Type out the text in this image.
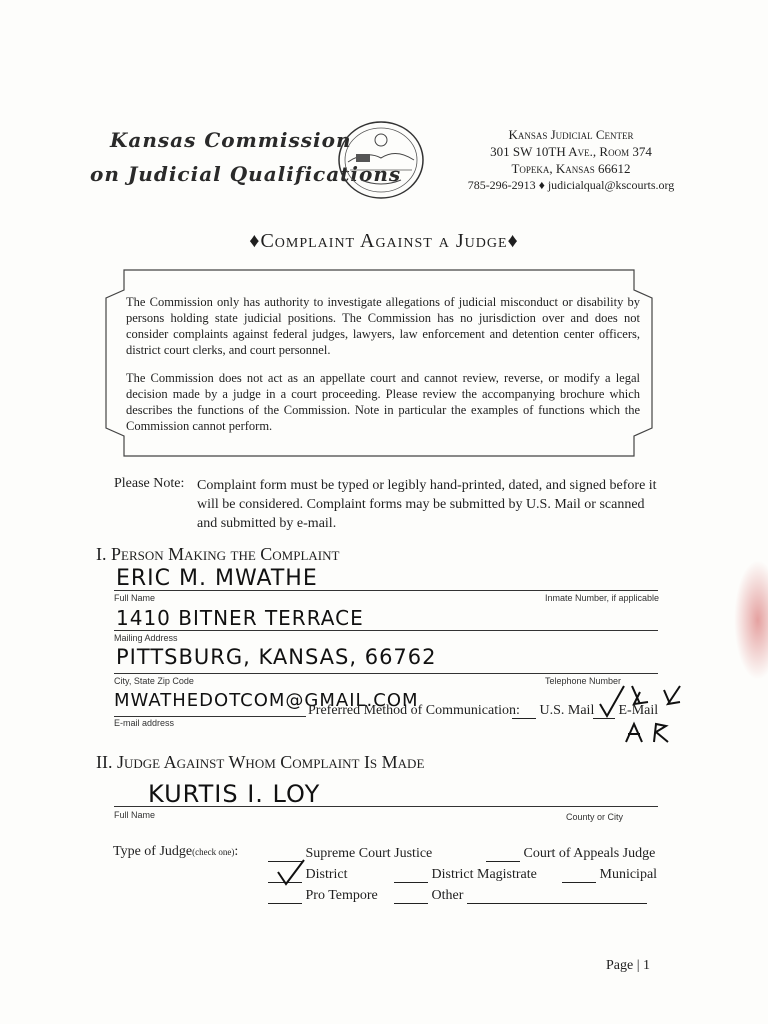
Kansas Commission
on Judicial Qualifications
Kansas Judicial Center
301 SW 10TH Ave., Room 374
Topeka, Kansas 66612
785-296-2913 ♦ judicialqual@kscourts.org
♦Complaint Against a Judge♦

The Commission only has authority to investigate allegations of judicial misconduct or disability by persons holding state judicial positions. The Commission has no jurisdiction over and does not consider complaints against federal judges, lawyers, law enforcement and detention center officers, district court clerks, and court personnel.

The Commission does not act as an appellate court and cannot review, reverse, or modify a legal decision made by a judge in a court proceeding. Please review the accompanying brochure which describes the functions of the Commission. Note in particular the examples of functions which the Commission cannot perform.

Please Note: Complaint form must be typed or legibly hand-printed, dated, and signed before it will be considered. Complaint forms may be submitted by U.S. Mail or scanned and submitted by e-mail.
I. Person Making the Complaint
ERIC M. MWATHE
Full Name	Inmate Number, if applicable
1410 BITNER TERRACE
Mailing Address
PITTSBURG, KANSAS, 66762
City, State Zip Code	Telephone Number
MWATHEDOTCOM@GMAIL.COM
E-mail address
Preferred Method of Communication:	U.S. Mail	E-Mail
II. Judge Against Whom Complaint Is Made
KURTIS I. LOY
Full Name	County or City
Type of Judge(check one):	Supreme Court Justice	Court of Appeals Judge
District	District Magistrate	Municipal
Pro Tempore	Other
Page | 1
